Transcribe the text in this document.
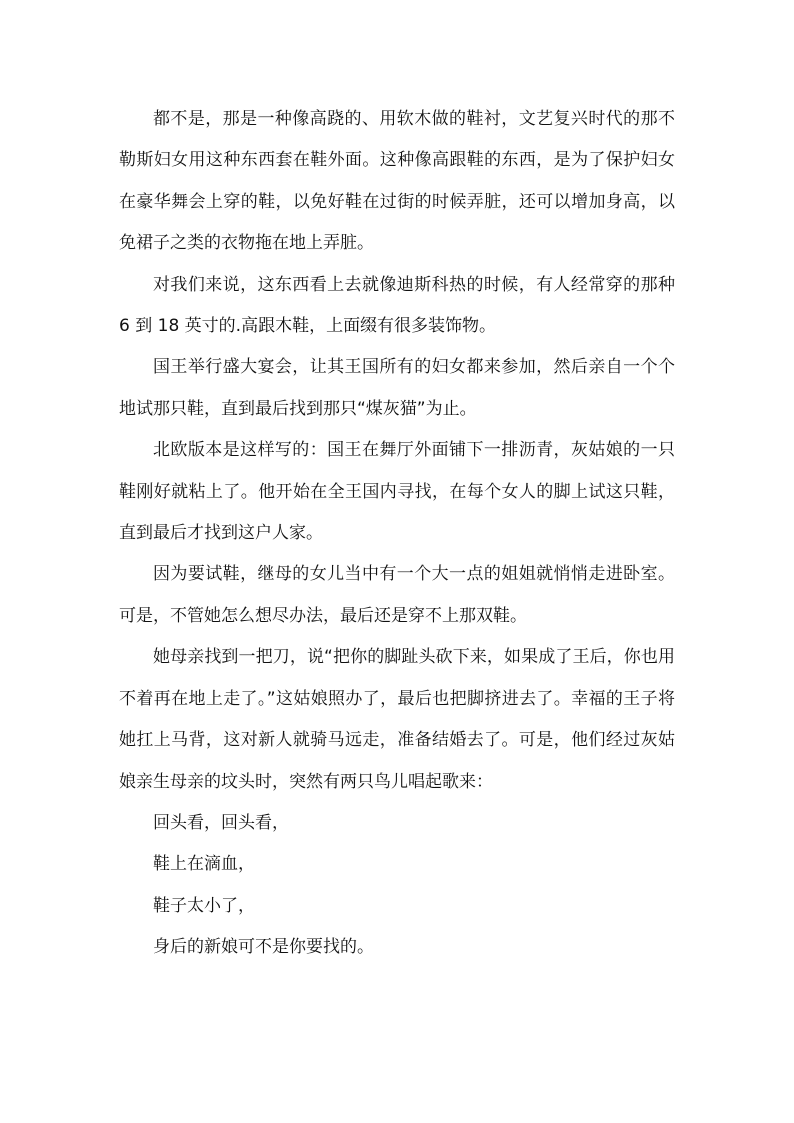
都不是，那是一种像高跷的、用软木做的鞋衬，文艺复兴时代的那不勒斯妇女用这种东西套在鞋外面。这种像高跟鞋的东西，是为了保护妇女在豪华舞会上穿的鞋，以免好鞋在过街的时候弄脏，还可以增加身高，以免裙子之类的衣物拖在地上弄脏。

对我们来说，这东西看上去就像迪斯科热的时候，有人经常穿的那种 6 到 18 英寸的.高跟木鞋，上面缀有很多装饰物。

国王举行盛大宴会，让其王国所有的妇女都来参加，然后亲自一个个地试那只鞋，直到最后找到那只“煤灰猫”为止。

北欧版本是这样写的：国王在舞厅外面铺下一排沥青，灰姑娘的一只鞋刚好就粘上了。他开始在全王国内寻找，在每个女人的脚上试这只鞋，直到最后才找到这户人家。

因为要试鞋，继母的女儿当中有一个大一点的姐姐就悄悄走进卧室。可是，不管她怎么想尽办法，最后还是穿不上那双鞋。

她母亲找到一把刀，说“把你的脚趾头砍下来，如果成了王后，你也用不着再在地上走了。”这姑娘照办了，最后也把脚挤进去了。幸福的王子将她扛上马背，这对新人就骑马远走，准备结婚去了。可是，他们经过灰姑娘亲生母亲的坟头时，突然有两只鸟儿唱起歌来：

回头看，回头看，

鞋上在滴血，

鞋子太小了，

身后的新娘可不是你要找的。
